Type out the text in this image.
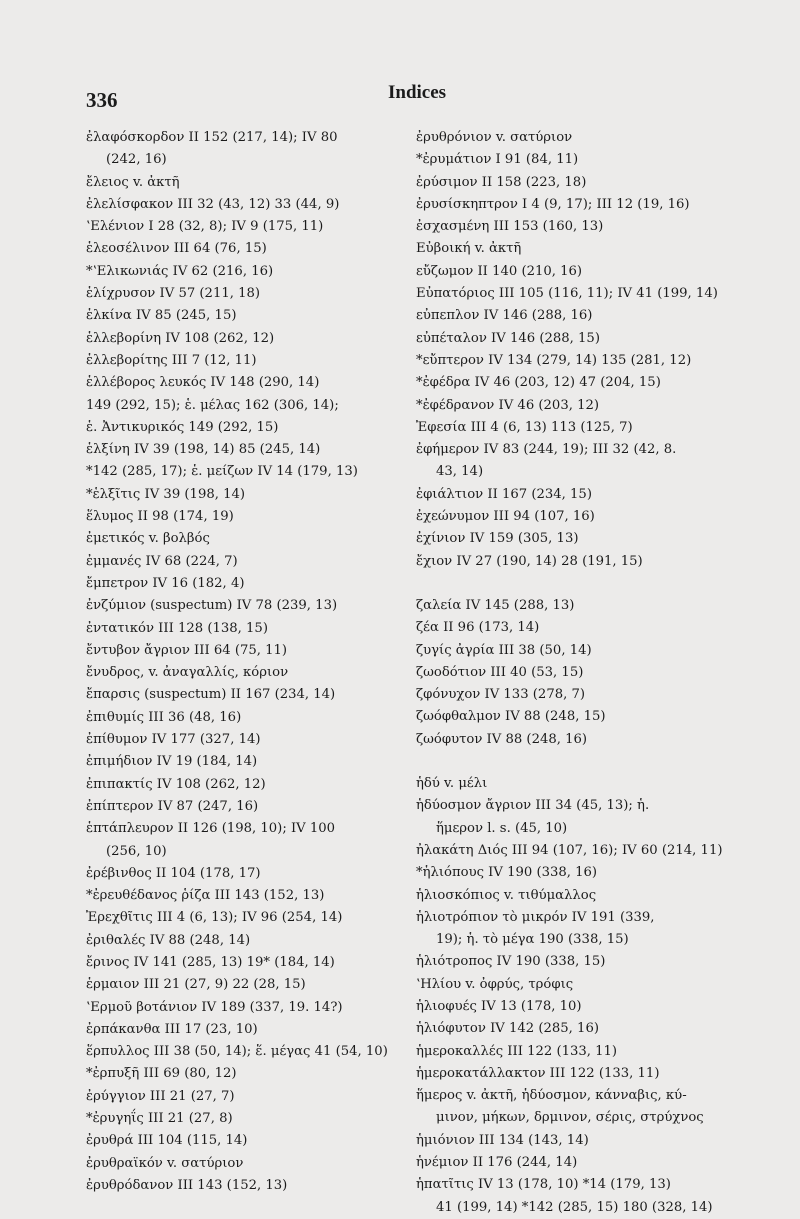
336	Indices
ἐλαφόσκορδον II 152 (217, 14); IV 80
(242, 16)
ἔλειος v. ἀκτῆ
ἐλελίσφακον III 32 (43, 12) 33 (44, 9)
ʽΕλένιον I 28 (32, 8); IV 9 (175, 11)
ἑλεοσέλινον III 64 (76, 15)
*ʽΕλικωνιάς IV 62 (216, 16)
ἑλίχρυσον IV 57 (211, 18)
ἑλκίνα IV 85 (245, 15)
ἑλλεβορίνη IV 108 (262, 12)
ἑλλεβορίτης III 7 (12, 11)
ἑλλέβορος λευκός IV 148 (290, 14)
149 (292, 15); ἑ. μέλας 162 (306, 14);
ἑ. Ἀντικυρικός 149 (292, 15)
ἑλξίνη IV 39 (198, 14) 85 (245, 14)
*142 (285, 17); ἑ. μείζων IV 14 (179, 13)
*ἑλξῖτις IV 39 (198, 14)
ἕλυμος II 98 (174, 19)
ἐμετικός v. βολβός
ἐμμανές IV 68 (224, 7)
ἔμπετρον IV 16 (182, 4)
ἐνζύμιον (suspectum) IV 78 (239, 13)
ἐντατικόν III 128 (138, 15)
ἔντυβον ἄγριον III 64 (75, 11)
ἔνυδρος, v. ἀναγαλλίς, κόριον
ἔπαρσις (suspectum) II 167 (234, 14)
ἐπιθυμίς III 36 (48, 16)
ἐπίθυμον IV 177 (327, 14)
ἐπιμήδιον IV 19 (184, 14)
ἐπιπακτίς IV 108 (262, 12)
ἐπίπτερον IV 87 (247, 16)
ἑπτάπλευρον II 126 (198, 10); IV 100
(256, 10)
ἐρέβινθος II 104 (178, 17)
*ἐρευθέδανος ῥίζα III 143 (152, 13)
Ἐρεχθῖτις III 4 (6, 13); IV 96 (254, 14)
ἐριθαλές IV 88 (248, 14)
ἔρινος IV 141 (285, 13) 19* (184, 14)
ἑρμαιον III 21 (27, 9) 22 (28, 15)
ʽΕρμοῦ βοτάνιον IV 189 (337, 19. 14?)
ἐρπάκανθα III 17 (23, 10)
ἕρπυλλος III 38 (50, 14); ἕ. μέγας 41 (54, 10)
*ἐρπυξῆ III 69 (80, 12)
ἐρύγγιον III 21 (27, 7)
*ἐρυγηΐς III 21 (27, 8)
ἐρυθρά III 104 (115, 14)
ἐρυθραϊκόν v. σατύριον
ἐρυθρόδανον III 143 (152, 13)
ἐρυθρόνιον v. σατύριον
*ἐρυμάτιον I 91 (84, 11)
ἐρύσιμον II 158 (223, 18)
ἐρυσίσκηπτρον I 4 (9, 17); III 12 (19, 16)
ἐσχασμένη III 153 (160, 13)
Εὐβοική v. ἀκτῆ
εὔζωμον II 140 (210, 16)
Εὐπατόριος III 105 (116, 11); IV 41 (199, 14)
εὐπεπλον IV 146 (288, 16)
εὐπέταλον IV 146 (288, 15)
*εὔπτερον IV 134 (279, 14) 135 (281, 12)
*ἐφέδρα IV 46 (203, 12) 47 (204, 15)
*ἐφέδρανον IV 46 (203, 12)
Ἐφεσία III 4 (6, 13) 113 (125, 7)
ἐφήμερον IV 83 (244, 19); III 32 (42, 8.
43, 14)
ἐφιάλτιον II 167 (234, 15)
ἐχεώνυμον III 94 (107, 16)
ἐχίνιον IV 159 (305, 13)
ἔχιον IV 27 (190, 14) 28 (191, 15)
ζαλεία IV 145 (288, 13)
ζέα II 96 (173, 14)
ζυγίς ἀγρία III 38 (50, 14)
ζωοδότιον III 40 (53, 15)
ζφόνυχον IV 133 (278, 7)
ζωόφθαλμον IV 88 (248, 15)
ζωόφυτον IV 88 (248, 16)
ἡδύ v. μέλι
ἡδύοσμον ἄγριον III 34 (45, 13); ἡ.
ἥμερον l. s. (45, 10)
ἠλακάτη Διός III 94 (107, 16); IV 60 (214, 11)
*ἡλιόπους IV 190 (338, 16)
ἡλιοσκόπιος v. τιθύμαλλος
ἡλιοτρόπιον τὸ μικρόν IV 191 (339,
19); ἡ. τὸ μέγα 190 (338, 15)
ἡλιότροπος IV 190 (338, 15)
ʽΗλίου v. ὀφρύς, τρόφις
ἡλιοφυές IV 13 (178, 10)
ἡλιόφυτον IV 142 (285, 16)
ἡμεροκαλλές III 122 (133, 11)
ἡμεροκατάλλακτον III 122 (133, 11)
ἥμερος v. ἀκτῆ, ἡδύοσμον, κάνναβις, κύ-
μινον, μήκων, δρμινον, σέρις, στρύχνος
ἡμιόνιον III 134 (143, 14)
ἡνέμιον II 176 (244, 14)
ἡπατῖτις IV 13 (178, 10) *14 (179, 13)
41 (199, 14) *142 (285, 15) 180 (328, 14)
